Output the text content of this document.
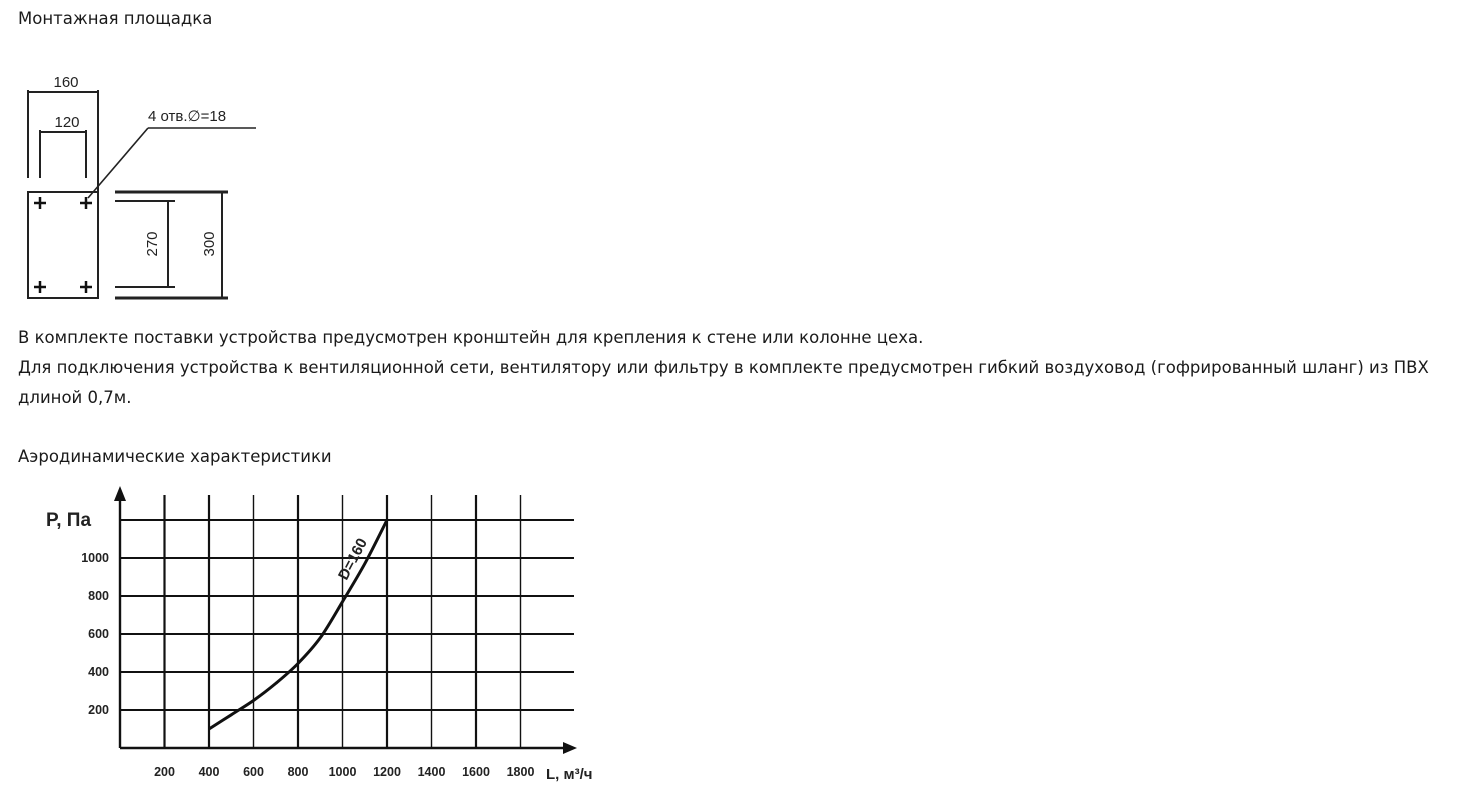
Монтажная площадка
160
120	4 отв.∅=18
270	300
В комплекте поставки устройства предусмотрен кронштейн для крепления к стене или колонне цеха.
Для подключения устройства к вентиляционной сети, вентилятору или фильтру в комплекте предусмотрен гибкий воздуховод (гофрированный шланг) из ПВХ
длиной 0,7м.
Аэродинамические характеристики
200 400 600 800 1000 1200 1400 1600 1800
200
400
600
800
1000	D=160
P, Па
L, м³/ч
